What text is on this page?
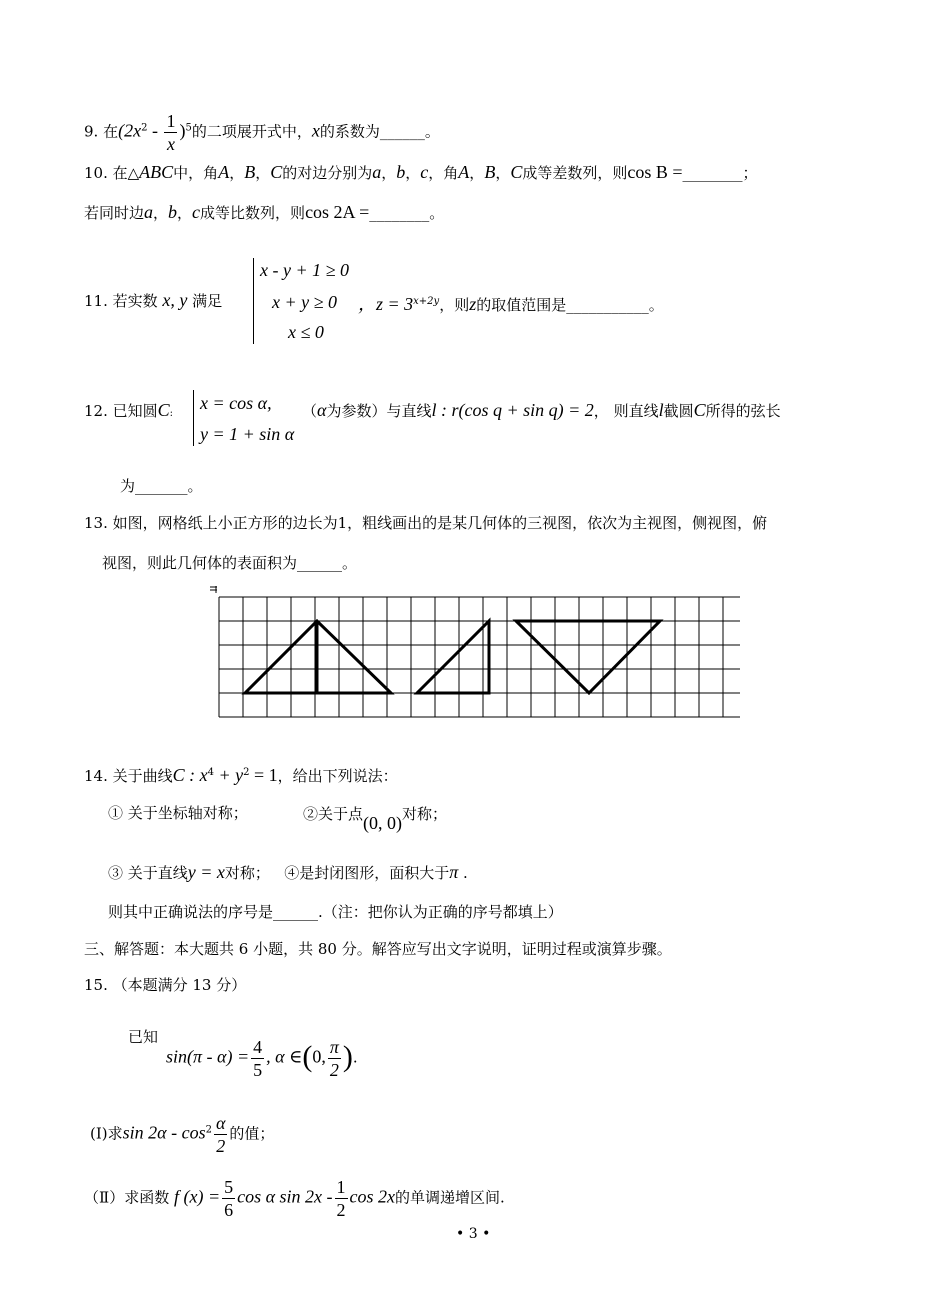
9. 在$(2x^2 - \frac{1}{x} )^5$的二项展开式中，x的系数为______。
10. 在△ABC中，角A，B，C的对边分别为a，b，c，角A，B，C成等差数列，则cos B =________；
若同时边a，b，c成等比数列，则cos 2A =________。
11. 若实数 x, y 满足
x - y + 1 ≥ 0
x + y ≥ 0
x ≤ 0
，$z = 3^{x+2y}$，则z的取值范围是___________。
12. 已知圆C:
x = cos α,
y = 1 + sin α
（α为参数）与直线l : r(cos q + sin q) = 2， 则直线l截圆C所得的弦长
为_______。
13. 如图，网格纸上小正方形的边长为1，粗线画出的是某几何体的三视图，依次为主视图，侧视图，俯
视图，则此几何体的表面积为______。
14. 关于曲线C : $x^4 + y^2 = 1$，给出下列说法：
① 关于坐标轴对称；	②关于点(0, 0)对称；
③ 关于直线y = x对称； ④是封闭图形，面积大于π .
则其中正确说法的序号是______.（注：把你认为正确的序号都填上）
三、解答题：本大题共 6 小题，共 80 分。解答应写出文字说明，证明过程或演算步骤。
15. （本题满分 13 分）
已知
$\sin(\pi - \alpha) = \frac{4}{5}$ , α ∈(0, $\frac{\pi}{2}$ ).
(I)求$\sin 2\alpha - \cos^2 \frac{\alpha}{2}$ 的值；
（Ⅱ）求函数 f $(x) = \frac{5}{6}$ cos α $\sin 2x - \frac{1}{2}$ cos 2x的单调递增区间.
• 3 •
